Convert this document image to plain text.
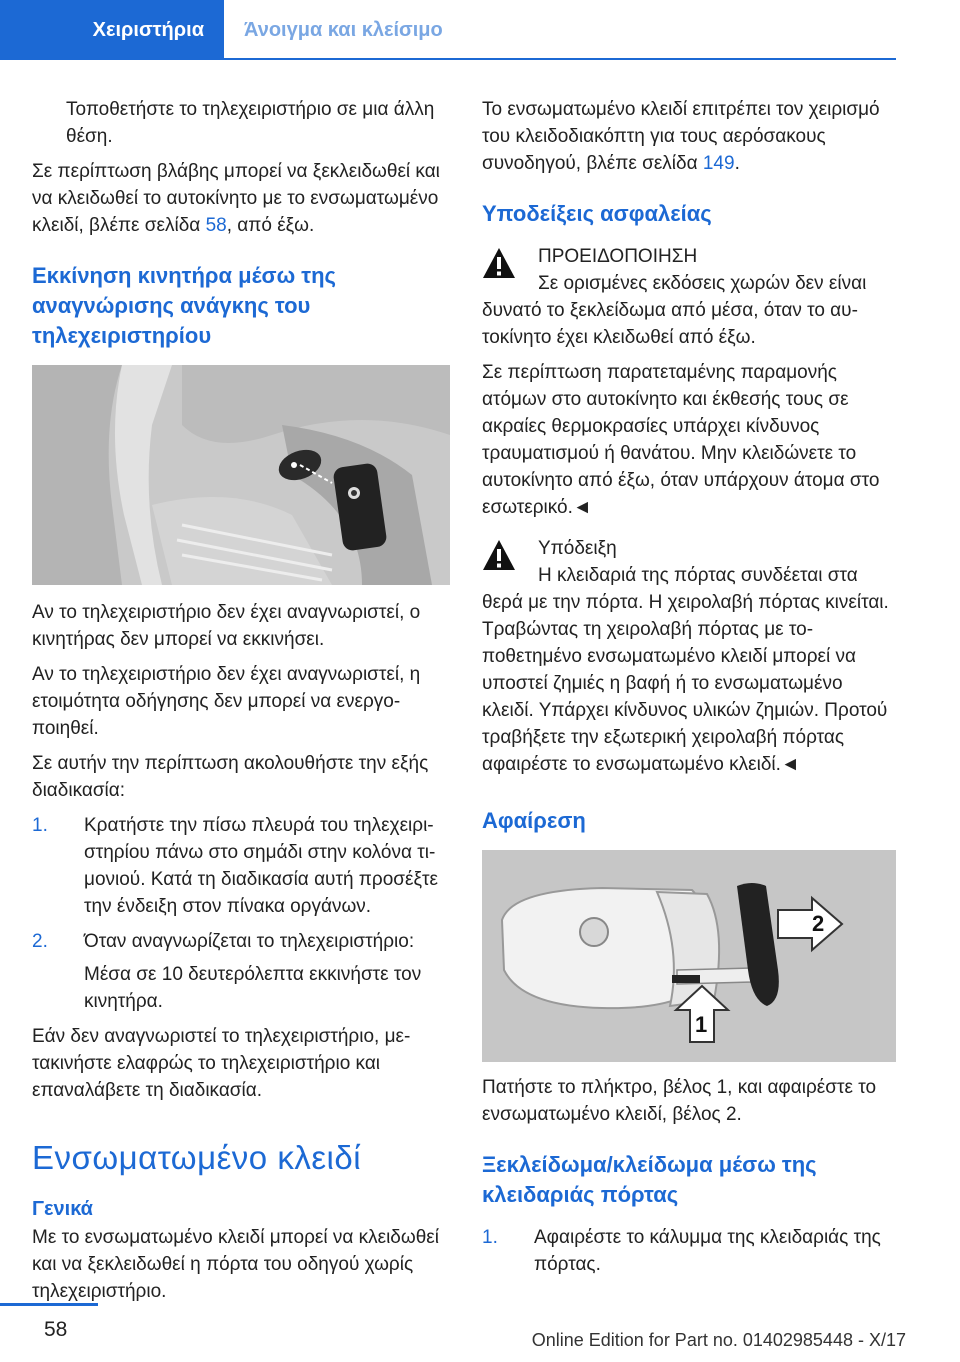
Χειριστήρια	Άνοιγμα και κλείσιμο

Τοποθετήστε το τηλεχειριστήριο σε μια άλλη θέση.

Σε περίπτωση βλάβης μπορεί να ξεκλειδωθεί και να κλειδωθεί το αυτοκίνητο με το ενσωματωμένο κλειδί, βλέπε σελίδα 58, από έξω.

Εκκίνηση κινητήρα μέσω της αναγνώρισης ανάγκης του τηλεχειριστηρίου

Αν το τηλεχειριστήριο δεν έχει αναγνωριστεί, ο κινητήρας δεν μπορεί να εκκινήσει.

Αν το τηλεχειριστήριο δεν έχει αναγνωριστεί, η ετοιμότητα οδήγησης δεν μπορεί να ενεργοποιηθεί.

Σε αυτήν την περίπτωση ακολουθήστε την εξής διαδικασία:

1. Κρατήστε την πίσω πλευρά του τηλεχειριστηρίου πάνω στο σημάδι στην κολόνα τιμονιού. Κατά τη διαδικασία αυτή προσέξτε την ένδειξη στον πίνακα οργάνων.
2. Όταν αναγνωρίζεται το τηλεχειριστήριο:
Μέσα σε 10 δευτερόλεπτα εκκινήστε τον κινητήρα.

Εάν δεν αναγνωριστεί το τηλεχειριστήριο, μετακινήστε ελαφρώς το τηλεχειριστήριο και επαναλάβετε τη διαδικασία.

Ενσωματωμένο κλειδί
Γενικά

Με το ενσωματωμένο κλειδί μπορεί να κλειδωθεί και να ξεκλειδωθεί η πόρτα του οδηγού χωρίς τηλεχειριστήριο.

Το ενσωματωμένο κλειδί επιτρέπει τον χειρισμό του κλειδοδιακόπτη για τους αερόσακους συνοδηγού, βλέπε σελίδα 149.

Υποδείξεις ασφαλείας
ΠΡΟΕΙΔΟΠΟΙΗΣΗ
Σε ορισμένες εκδόσεις χωρών δεν είναι
δυνατό το ξεκλείδωμα από μέσα, όταν το αυτοκίνητο έχει κλειδωθεί από έξω.

Σε περίπτωση παρατεταμένης παραμονής ατόμων στο αυτοκίνητο και έκθεσής τους σε ακραίες θερμοκρασίες υπάρχει κίνδυνος τραυματισμού ή θανάτου. Μην κλειδώνετε το αυτοκίνητο από έξω, όταν υπάρχουν άτομα στο εσωτερικό.◄

Υπόδειξη
Η κλειδαριά της πόρτας συνδέεται στα
θερά με την πόρτα. Η χειρολαβή πόρτας κινείται. Τραβώντας τη χειρολαβή πόρτας με τοποθετημένο ενσωματωμένο κλειδί μπορεί να υποστεί ζημιές η βαφή ή το ενσωματωμένο κλειδί. Υπάρχει κίνδυνος υλικών ζημιών. Προτού τραβήξετε την εξωτερική χειρολαβή πόρτας αφαιρέστε το ενσωματωμένο κλειδί.◄
Αφαίρεση
2
1

Πατήστε το πλήκτρο, βέλος 1, και αφαιρέστε το ενσωματωμένο κλειδί, βέλος 2.

Ξεκλείδωμα/κλείδωμα μέσω της κλειδαριάς πόρτας
1. Αφαιρέστε το κάλυμμα της κλειδαριάς της πόρτας.
58	Online Edition for Part no. 01402985448 - X/17
